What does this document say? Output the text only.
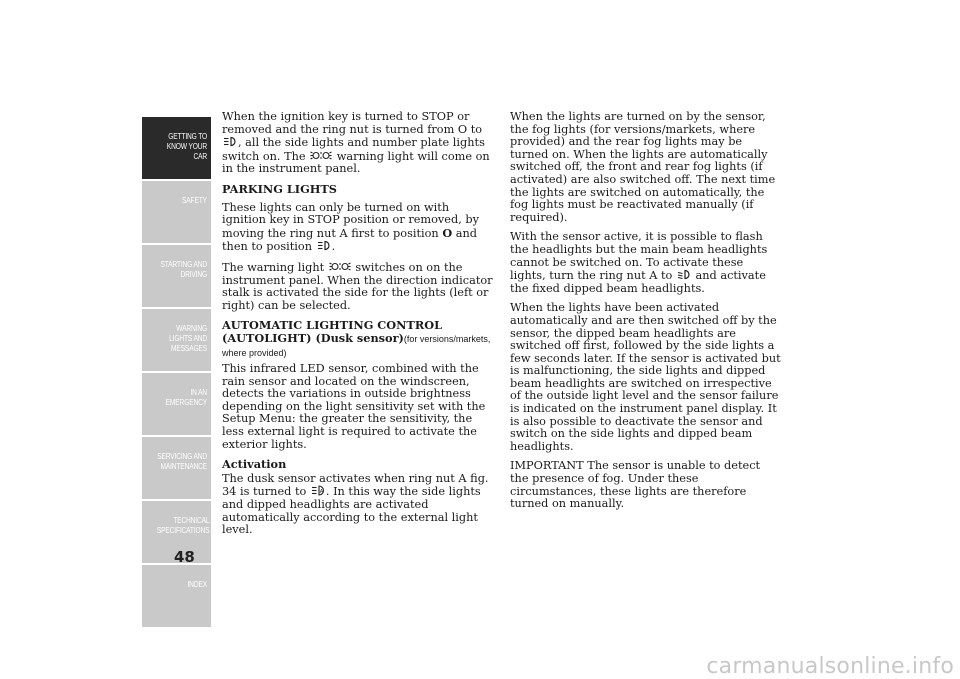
GETTING TO KNOW YOUR CAR
SAFETY
STARTING AND DRIVING
WARNING LIGHTS AND MESSAGES
IN AN EMERGENCY
SERVICING AND MAINTENANCE
TECHNICAL SPECIFICATIONS
INDEX
48

When the ignition key is turned to STOP or removed and the ring nut is turned from O to
, all the side lights and number plate lights switch on. The
warning light will come on in the instrument panel.

PARKING LIGHTS

These lights can only be turned on with ignition key in STOP position or removed, by moving the ring nut A first to position O and then to position
.

The warning light
switches on on the instrument panel. When the direction indicator stalk is activated the side for the lights (left or right) can be selected.

AUTOMATIC LIGHTING CONTROL
(AUTOLIGHT) (Dusk sensor)(for versions/markets, where provided)

This infrared LED sensor, combined with the rain sensor and located on the windscreen, detects the variations in outside brightness depending on the light sensitivity set with the Setup Menu: the greater the sensitivity, the less external light is required to activate the exterior lights.

Activation

The dusk sensor activates when ring nut A fig. 34 is turned to A . In this way the side lights and dipped headlights are activated automatically according to the external light level.

When the lights are turned on by the sensor, the fog lights (for versions/markets, where provided) and the rear fog lights may be turned on. When the lights are automatically switched off, the front and rear fog lights (if activated) are also switched off. The next time the lights are switched on automatically, the fog lights must be reactivated manually (if required).

With the sensor active, it is possible to flash the headlights but the main beam headlights cannot be switched on. To activate these lights, turn the ring nut A to
and activate the fixed dipped beam headlights.

When the lights have been activated automatically and are then switched off by the sensor, the dipped beam headlights are switched off first, followed by the side lights a few seconds later. If the sensor is activated but is malfunctioning, the side lights and dipped beam headlights are switched on irrespective of the outside light level and the sensor failure is indicated on the instrument panel display. It is also possible to deactivate the sensor and switch on the side lights and dipped beam headlights.

IMPORTANT The sensor is unable to detect the presence of fog. Under these circumstances, these lights are therefore turned on manually.

carmanualsonline.info
